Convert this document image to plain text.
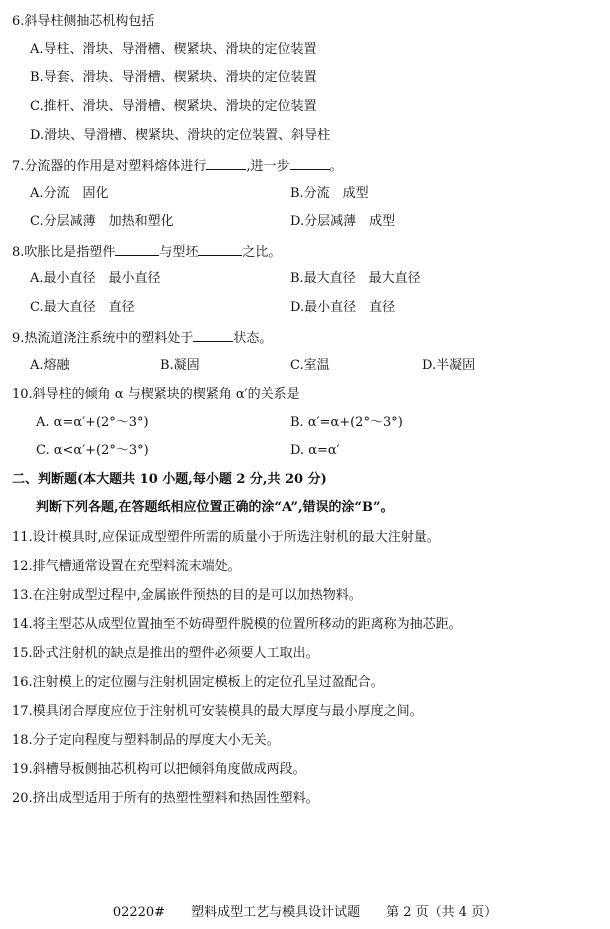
6.斜导柱侧抽芯机构包括
A.导柱、滑块、导滑槽、楔紧块、滑块的定位装置
B.导套、滑块、导滑槽、楔紧块、滑块的定位装置
C.推杆、滑块、导滑槽、楔紧块、滑块的定位装置
D.滑块、导滑槽、楔紧块、滑块的定位装置、斜导柱
7.分流器的作用是对塑料熔体进行	,进一步	。
A.分流　固化	B.分流　成型
C.分层减薄　加热和塑化	D.分层减薄　成型
8.吹胀比是指塑件	与型坯	之比。
A.最小直径　最小直径	B.最大直径　最大直径
C.最大直径　直径	D.最小直径　直径
9.热流道浇注系统中的塑料处于	状态。
A.熔融	B.凝固	C.室温	D.半凝固
10.斜导柱的倾角 α 与楔紧块的楔紧角 α′的关系是
A. α=α′+(2°～3°)	B. α′=α+(2°～3°)
C. α<α′+(2°～3°)	D. α=α′
二、判断题(本大题共 10 小题,每小题 2 分,共 20 分)
判断下列各题,在答题纸相应位置正确的涂“A”,错误的涂“B”。
11.设计模具时,应保证成型塑件所需的质量小于所选注射机的最大注射量。
12.排气槽通常设置在充型料流末端处。
13.在注射成型过程中,金属嵌件预热的目的是可以加热物料。
14.将主型芯从成型位置抽至不妨碍塑件脱模的位置所移动的距离称为抽芯距。
15.卧式注射机的缺点是推出的塑件必须要人工取出。
16.注射模上的定位圈与注射机固定模板上的定位孔呈过盈配合。
17.模具闭合厚度应位于注射机可安装模具的最大厚度与最小厚度之间。
18.分子定向程度与塑料制品的厚度大小无关。
19.斜槽导板侧抽芯机构可以把倾斜角度做成两段。
20.挤出成型适用于所有的热塑性塑料和热固性塑料。
02220#　　塑料成型工艺与模具设计试题　　第 2 页（共 4 页）
